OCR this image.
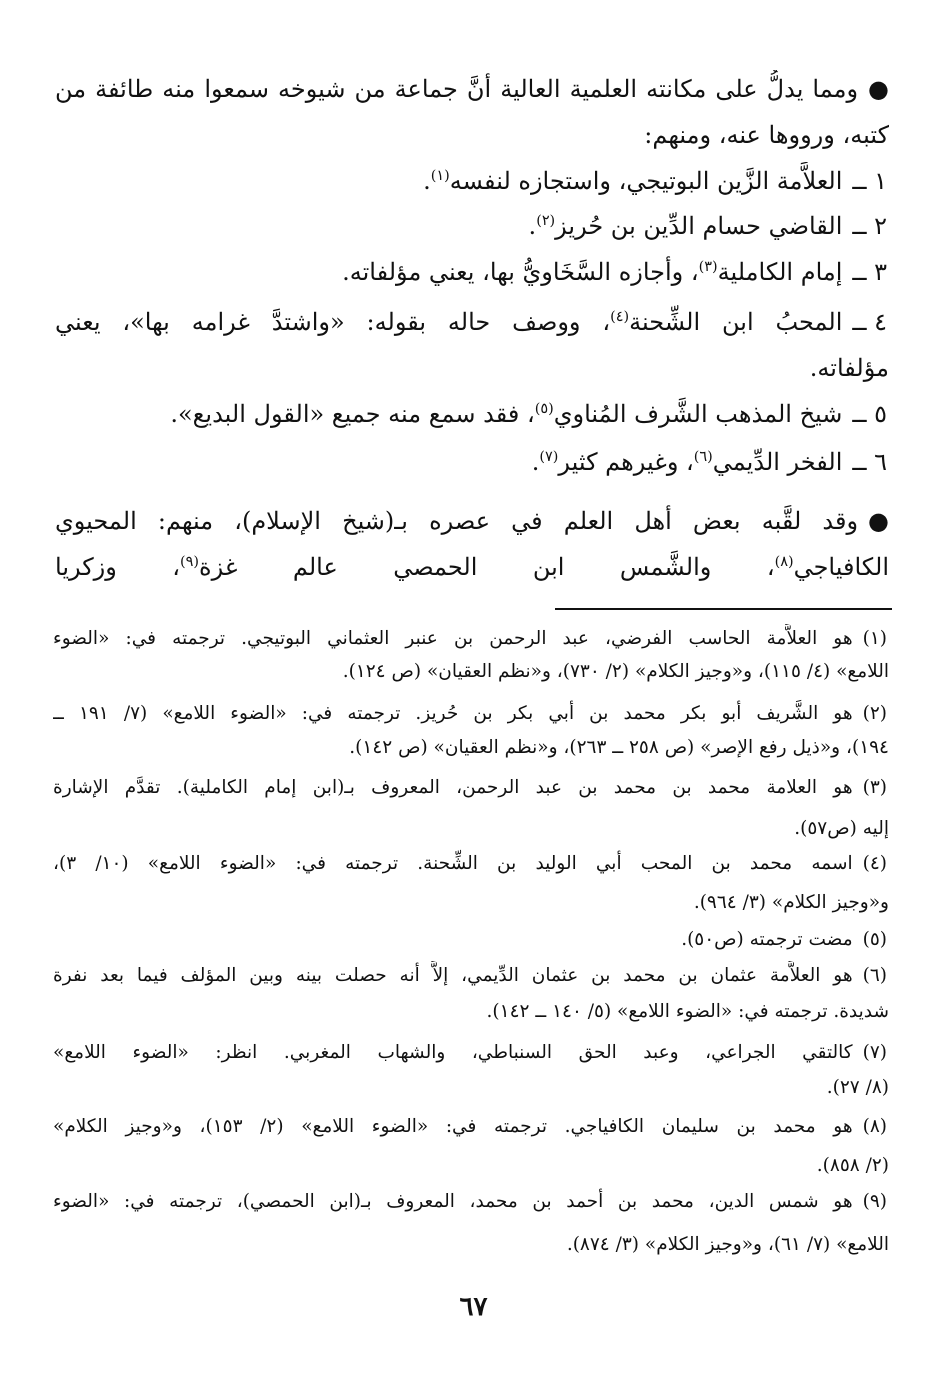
●ومما يدلُّ على مكانته العلمية العالية أنَّ جماعة من شيوخه سمعوا منه طائفة من
كتبه، ورووها عنه، ومنهم:
١ ــالعلاَّمة الزَّين البوتيجي، واستجازه لنفسه$^{(١)}$.
٢ ــالقاضي حسام الدِّين بن حُريز$^{(٢)}$.
٣ ــإمام الكاملية$^{(٣)}$، وأجازه السَّخَاويُّ بها، يعني مؤلفاته.
٤ ــالمحبُ ابن الشِّحنة$^{(٤)}$، ووصف حاله بقوله: «واشتدَّ غرامه بها»، يعني
مؤلفاته.
٥ ــشيخ المذهب الشَّرف المُناوي$^{(٥)}$، فقد سمع منه جميع «القول البديع».
٦ ــالفخر الدِّيمي$^{(٦)}$، وغيرهم كثير$^{(٧)}$.
●وقد لقَّبه بعض أهل العلم في عصره بـ(شيخ الإسلام)، منهم: المحيوي
الكافياجي$^{(٨)}$، والشَّمس ابن الحمصي عالم غزة$^{(٩)}$، وزكريا
(١)هو العلاَّمة الحاسب الفرضي، عبد الرحمن بن عنبر العثماني البوتيجي. ترجمته في: «الضوء
اللامع» (٤/ ١١٥)، و«وجيز الكلام» (٢/ ٧٣٠)، و«نظم العقيان» (ص ١٢٤).
(٢)هو الشَّريف أبو بكر محمد بن أبي بكر بن حُريز. ترجمته في: «الضوء اللامع» (٧/ ١٩١ ــ
١٩٤)، و«ذيل رفع الإصر» (ص ٢٥٨ ــ ٢٦٣)، و«نظم العقيان» (ص ١٤٢).
(٣)هو العلامة محمد بن محمد بن عبد الرحمن، المعروف بـ(ابن إمام الكاملية). تقدَّم الإشارة
إليه (ص٥٧).
(٤)اسمه محمد بن المحب أبي الوليد بن الشِّحنة. ترجمته في: «الضوء اللامع» (١٠/ ٣)،
و«وجيز الكلام» (٣/ ٩٦٤).
(٥)مضت ترجمته (ص٥٠).
(٦)هو العلاَّمة عثمان بن محمد بن عثمان الدِّيمي، إلاَّ أنه حصلت بينه وبين المؤلف فيما بعد نفرة
شديدة. ترجمته في: «الضوء اللامع» (٥/ ١٤٠ ــ ١٤٢).
(٧)كالتقي الجراعي، وعبد الحق السنباطي، والشهاب المغربي. انظر: «الضوء اللامع»
(٨/ ٢٧).
(٨)هو محمد بن سليمان الكافياجي. ترجمته في: «الضوء اللامع» (٢/ ١٥٣)، و«وجيز الكلام»
(٢/ ٨٥٨).
(٩)هو شمس الدين، محمد بن أحمد بن محمد، المعروف بـ(ابن الحمصي)، ترجمته في: «الضوء
اللامع» (٧/ ٦١)، و«وجيز الكلام» (٣/ ٨٧٤).
٦٧
